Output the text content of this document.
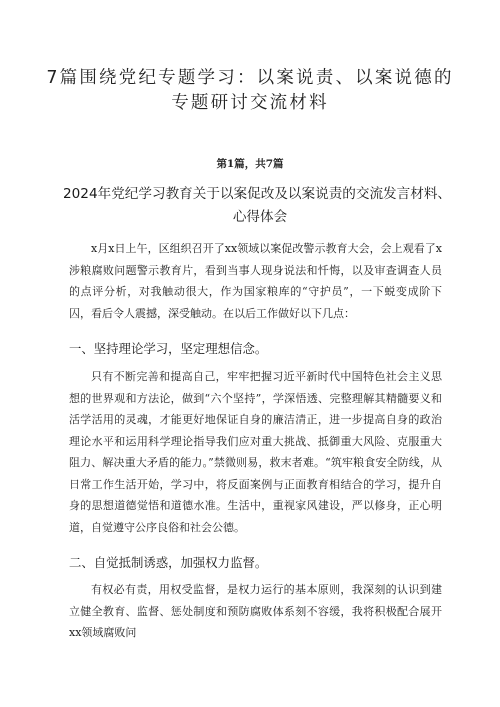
7篇围绕党纪专题学习：以案说责、以案说德的专题研讨交流材料
第1篇，共7篇
2024年党纪学习教育关于以案促改及以案说责的交流发言材料、
心得体会

x月x日上午，区组织召开了xx领域以案促改警示教育大会，会上观看了x涉粮腐败问题警示教育片，看到当事人现身说法和忏悔，以及审查调查人员的点评分析，对我触动很大，作为国家粮库的“守护员”，一下蜕变成阶下囚，看后令人震撼，深受触动。在以后工作做好以下几点：

一、坚持理论学习，坚定理想信念。

只有不断完善和提高自己，牢牢把握习近平新时代中国特色社会主义思想的世界观和方法论，做到“六个坚持”，学深悟透、完整理解其精髓要义和活学活用的灵魂，才能更好地保证自身的廉洁清正，进一步提高自身的政治理论水平和运用科学理论指导我们应对重大挑战、抵御重大风险、克服重大阻力、解决重大矛盾的能力。”禁微则易，救末者难。“筑牢粮食安全防线，从日常工作生活开始，学习中，将反面案例与正面教育相结合的学习，提升自身的思想道德觉悟和道德水准。生活中，重视家风建设，严以修身，正心明道，自觉遵守公序良俗和社会公德。

二、自觉抵制诱惑，加强权力监督。

有权必有责，用权受监督，是权力运行的基本原则，我深刻的认识到建立健全教育、监督、惩处制度和预防腐败体系刻不容缓，我将积极配合展开xx领域腐败问
